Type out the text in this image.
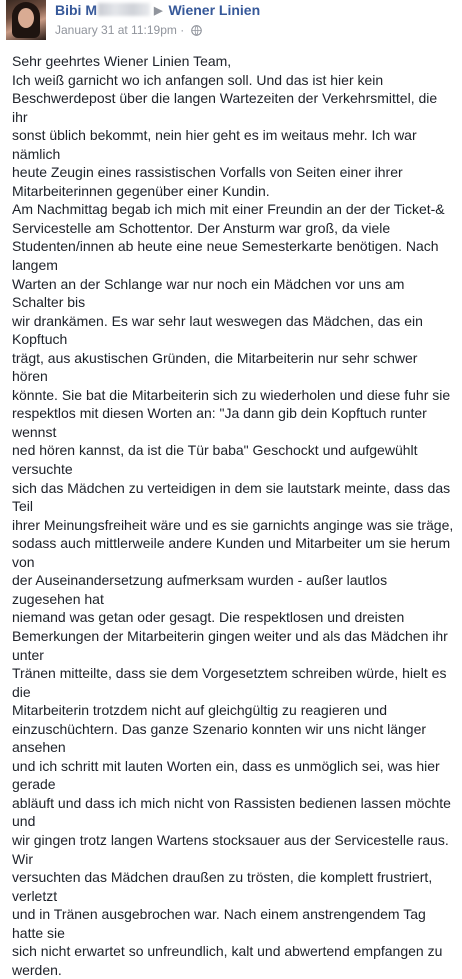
Bibi M	▶ Wiener Linien
January 31 at 11:19pm ·

Sehr geehrtes Wiener Linien Team,

Ich weiß garnicht wo ich anfangen soll. Und das ist hier kein

Beschwerdepost über die langen Wartezeiten der Verkehrsmittel, die ihr

sonst üblich bekommt, nein hier geht es im weitaus mehr. Ich war nämlich

heute Zeugin eines rassistischen Vorfalls von Seiten einer ihrer

Mitarbeiterinnen gegenüber einer Kundin.

Am Nachmittag begab ich mich mit einer Freundin an der der Ticket-&

Servicestelle am Schottentor. Der Ansturm war groß, da viele

Studenten/innen ab heute eine neue Semesterkarte benötigen. Nach langem

Warten an der Schlange war nur noch ein Mädchen vor uns am Schalter bis

wir drankämen. Es war sehr laut weswegen das Mädchen, das ein Kopftuch

trägt, aus akustischen Gründen, die Mitarbeiterin nur sehr schwer hören

könnte. Sie bat die Mitarbeiterin sich zu wiederholen und diese fuhr sie

respektlos mit diesen Worten an: "Ja dann gib dein Kopftuch runter wennst

ned hören kannst, da ist die Tür baba" Geschockt und aufgewühlt versuchte

sich das Mädchen zu verteidigen in dem sie lautstark meinte, dass das Teil

ihrer Meinungsfreiheit wäre und es sie garnichts anginge was sie träge,

sodass auch mittlerweile andere Kunden und Mitarbeiter um sie herum von

der Auseinandersetzung aufmerksam wurden - außer lautlos zugesehen hat

niemand was getan oder gesagt. Die respektlosen und dreisten

Bemerkungen der Mitarbeiterin gingen weiter und als das Mädchen ihr unter

Tränen mitteilte, dass sie dem Vorgesetztem schreiben würde, hielt es die

Mitarbeiterin trotzdem nicht auf gleichgültig zu reagieren und

einzuschüchtern. Das ganze Szenario konnten wir uns nicht länger ansehen

und ich schritt mit lauten Worten ein, dass es unmöglich sei, was hier gerade

abläuft und dass ich mich nicht von Rassisten bedienen lassen möchte und

wir gingen trotz langen Wartens stocksauer aus der Servicestelle raus. Wir

versuchten das Mädchen draußen zu trösten, die komplett frustriert, verletzt

und in Tränen ausgebrochen war. Nach einem anstrengendem Tag hatte sie

sich nicht erwartet so unfreundlich, kalt und abwertend empfangen zu

werden.
